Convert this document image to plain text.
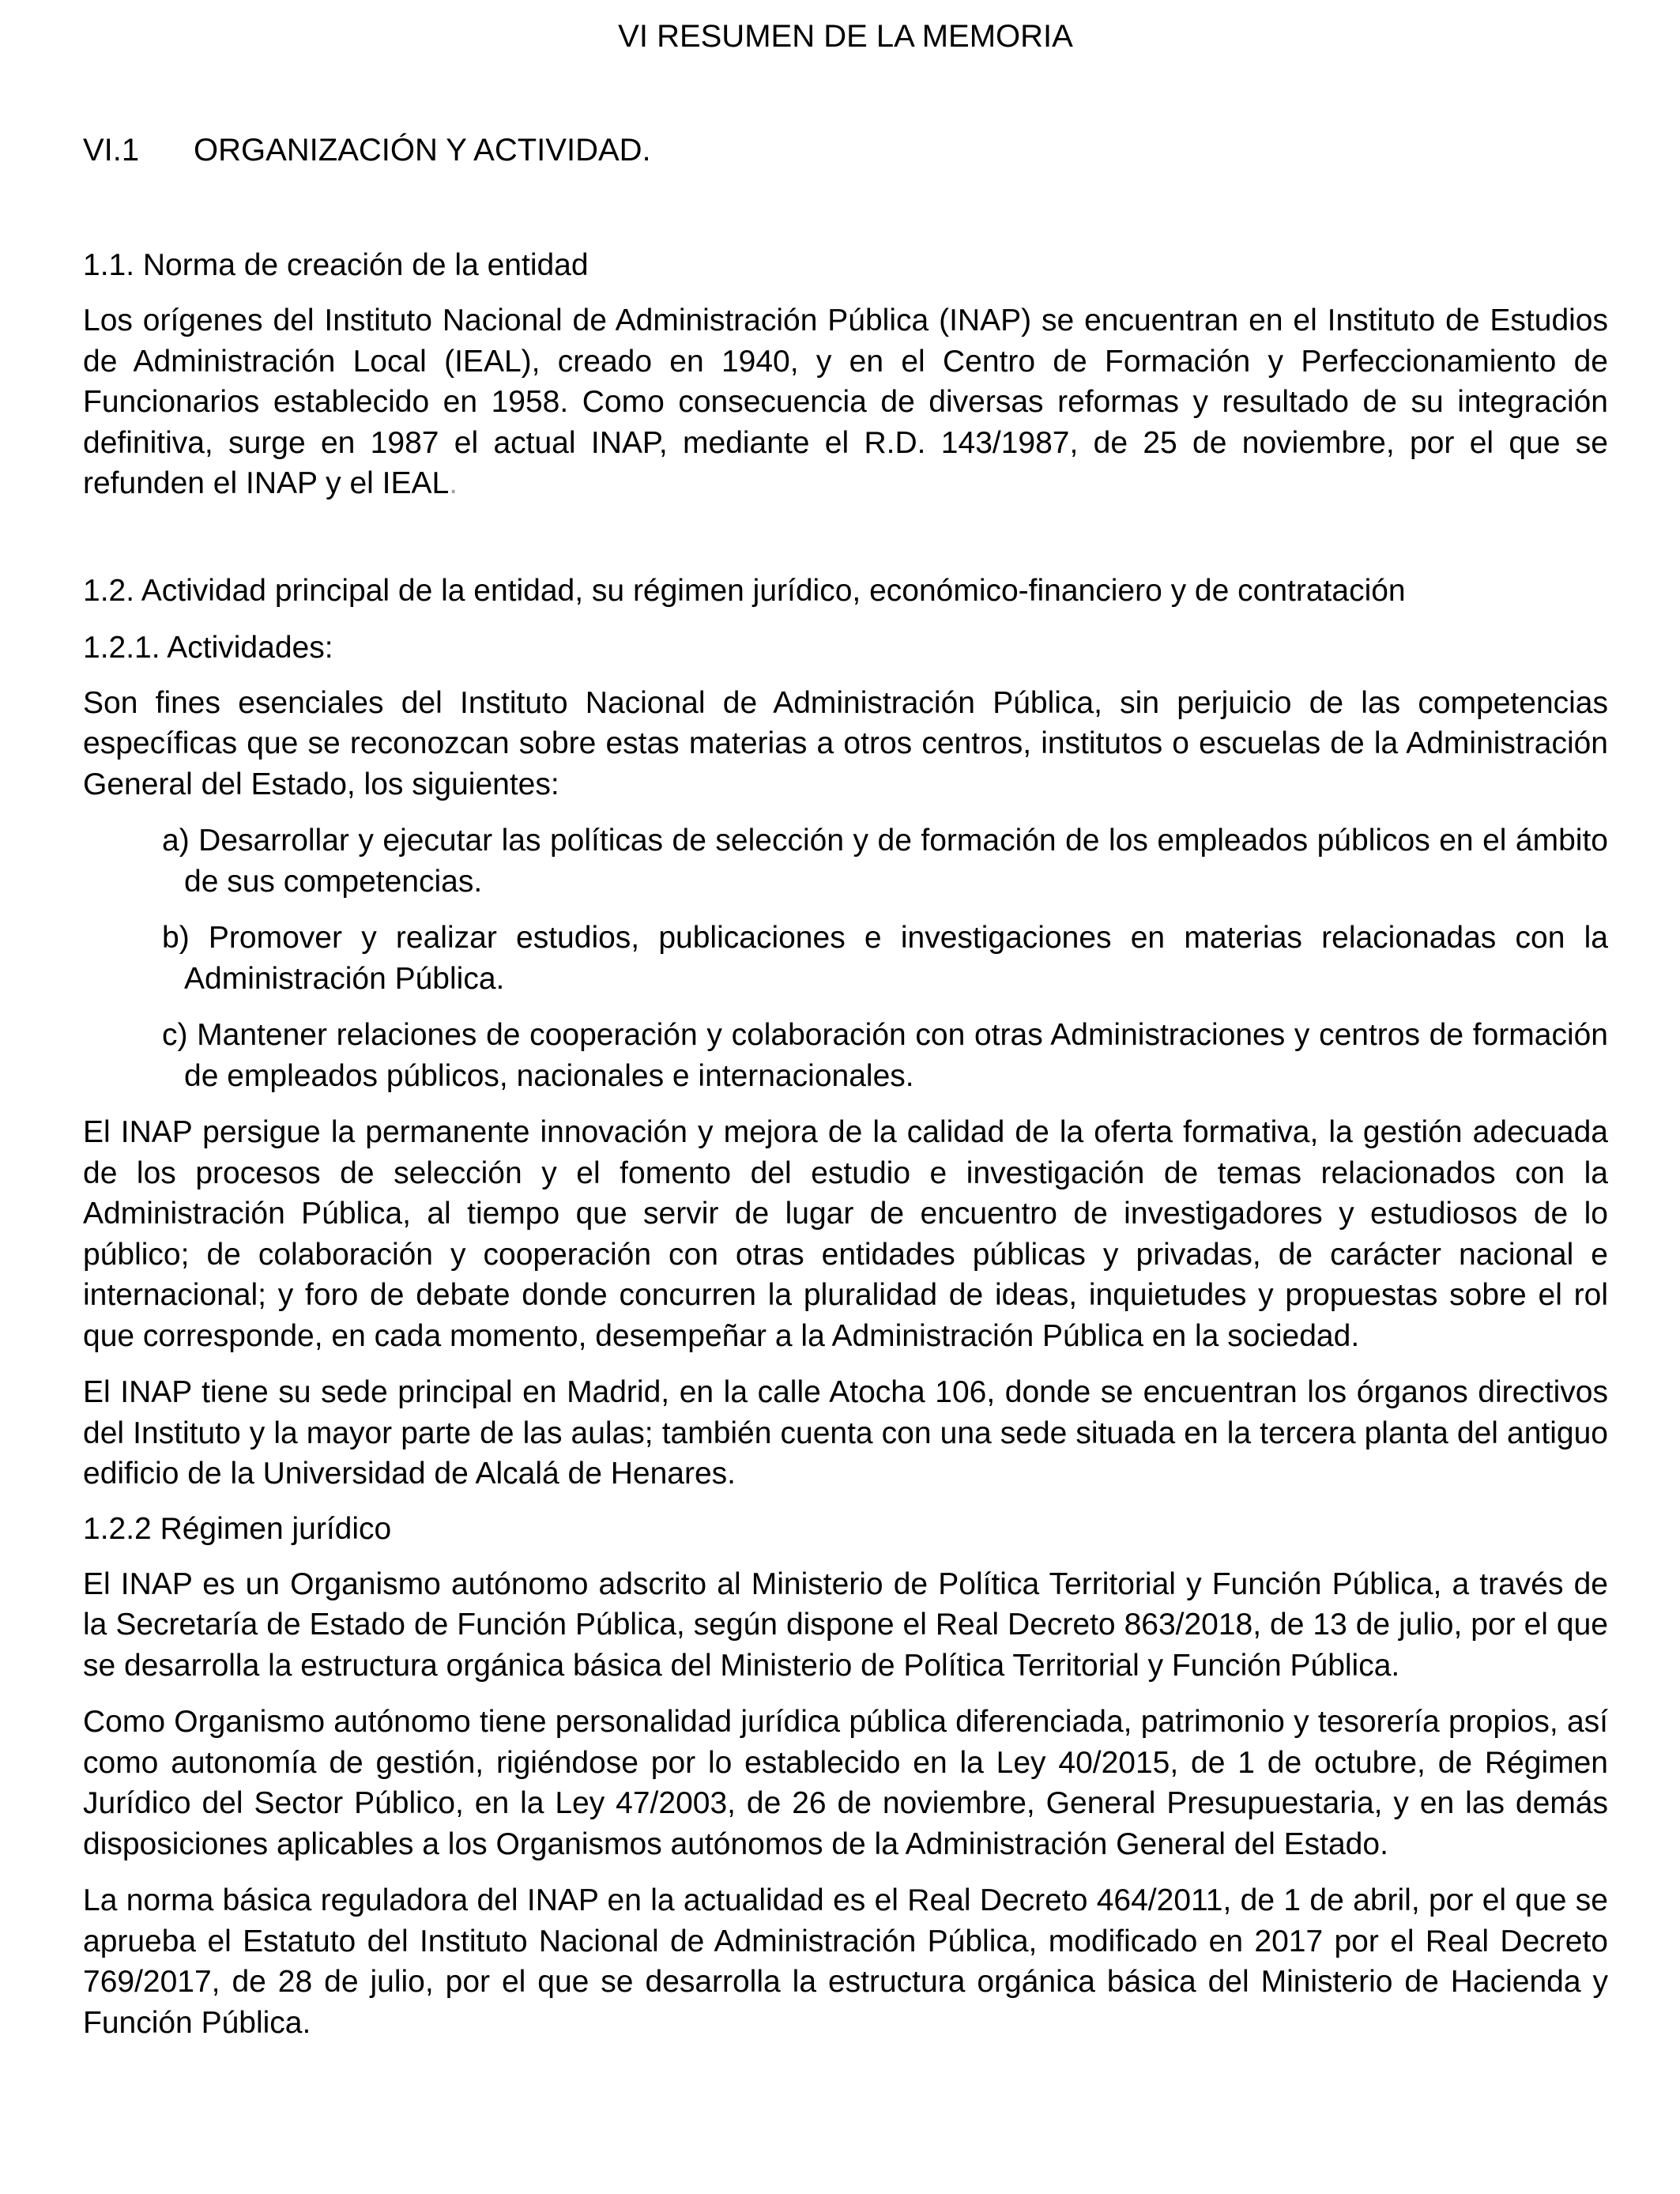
VI RESUMEN DE LA MEMORIA
VI.1 ORGANIZACIÓN Y ACTIVIDAD.

1.1. Norma de creación de la entidad

Los orígenes del Instituto Nacional de Administración Pública (INAP) se encuentran en el Instituto de Estudios de Administración Local (IEAL), creado en 1940, y en el Centro de Formación y Perfeccionamiento de Funcionarios establecido en 1958. Como consecuencia de diversas reformas y resultado de su integración definitiva, surge en 1987 el actual INAP, mediante el R.D. 143/1987, de 25 de noviembre, por el que se refunden el INAP y el IEAL.

1.2. Actividad principal de la entidad, su régimen jurídico, económico-financiero y de contratación

1.2.1. Actividades:

Son fines esenciales del Instituto Nacional de Administración Pública, sin perjuicio de las competencias específicas que se reconozcan sobre estas materias a otros centros, institutos o escuelas de la Administración General del Estado, los siguientes:

a) Desarrollar y ejecutar las políticas de selección y de formación de los empleados públicos en el ámbito de sus competencias.

b) Promover y realizar estudios, publicaciones e investigaciones en materias relacionadas con la Administración Pública.

c) Mantener relaciones de cooperación y colaboración con otras Administraciones y centros de formación de empleados públicos, nacionales e internacionales.

El INAP persigue la permanente innovación y mejora de la calidad de la oferta formativa, la gestión adecuada de los procesos de selección y el fomento del estudio e investigación de temas relacionados con la Administración Pública, al tiempo que servir de lugar de encuentro de investigadores y estudiosos de lo público; de colaboración y cooperación con otras entidades públicas y privadas, de carácter nacional e internacional; y foro de debate donde concurren la pluralidad de ideas, inquietudes y propuestas sobre el rol que corresponde, en cada momento, desempeñar a la Administración Pública en la sociedad.

El INAP tiene su sede principal en Madrid, en la calle Atocha 106, donde se encuentran los órganos directivos del Instituto y la mayor parte de las aulas; también cuenta con una sede situada en la tercera planta del antiguo edificio de la Universidad de Alcalá de Henares.

1.2.2 Régimen jurídico

El INAP es un Organismo autónomo adscrito al Ministerio de Política Territorial y Función Pública, a través de la Secretaría de Estado de Función Pública, según dispone el Real Decreto 863/2018, de 13 de julio, por el que se desarrolla la estructura orgánica básica del Ministerio de Política Territorial y Función Pública.

Como Organismo autónomo tiene personalidad jurídica pública diferenciada, patrimonio y tesorería propios, así como autonomía de gestión, rigiéndose por lo establecido en la Ley 40/2015, de 1 de octubre, de Régimen Jurídico del Sector Público, en la Ley 47/2003, de 26 de noviembre, General Presupuestaria, y en las demás disposiciones aplicables a los Organismos autónomos de la Administración General del Estado.

La norma básica reguladora del INAP en la actualidad es el Real Decreto 464/2011, de 1 de abril, por el que se aprueba el Estatuto del Instituto Nacional de Administración Pública, modificado en 2017 por el Real Decreto 769/2017, de 28 de julio, por el que se desarrolla la estructura orgánica básica del Ministerio de Hacienda y Función Pública.
